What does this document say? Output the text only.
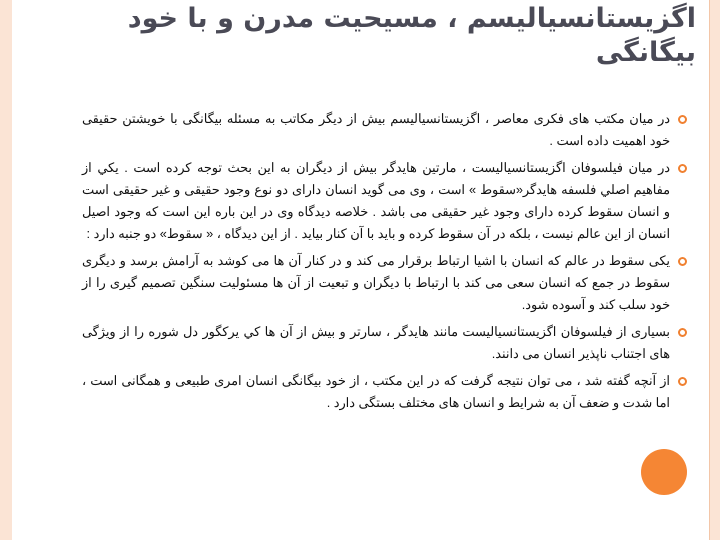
اگزیستانسیالیسم ، مسیحیت مدرن و با خود بیگانگی
در میان مکتب های فکری معاصر ، اگزیستانسیالیسم بیش از دیگر مکاتب به مسئله بیگانگی با خویشتن حقیقی خود اهمیت داده است .
در میان فیلسوفان اگزیستانسیالیست ، مارتین هایدگر بیش از دیگران به این بحث توجه کرده است . يكي از مفاهیم اصلي فلسفه هایدگر«سقوط » است ، وی می گوید انسان دارای دو نوع وجود حقیقی و غیر حقیقی است و انسان سقوط کرده دارای وجود غیر حقیقی می باشد . خلاصه دیدگاه وی در این باره این است که وجود اصیل انسان از این عالم نیست ، بلکه در آن سقوط کرده و باید با آن کنار بیاید . از این دیدگاه ، « سقوط» دو جنبه دارد :
یکی سقوط در عالم که انسان با اشیا ارتباط برقرار می کند و در کنار آن ها می کوشد به آرامش برسد و دیگری سقوط در جمع که انسان سعی می کند با ارتباط با دیگران و تبعیت از آن ها مسئولیت سنگین تصمیم گیری را از خود سلب کند و آسوده شود.
بسیاری از فیلسوفان اگزیستانسیالیست مانند هایدگر ، سارتر و بیش از آن ها کي يركگور دل شوره را از ویژگی های اجتناب ناپذیر انسان می دانند.
از آنچه گفته شد ، می توان نتیجه گرفت که در این مکتب ، از خود بیگانگی انسان امری طبیعی و همگانی است ، اما شدت و ضعف آن به شرایط و انسان های مختلف بستگی دارد .
